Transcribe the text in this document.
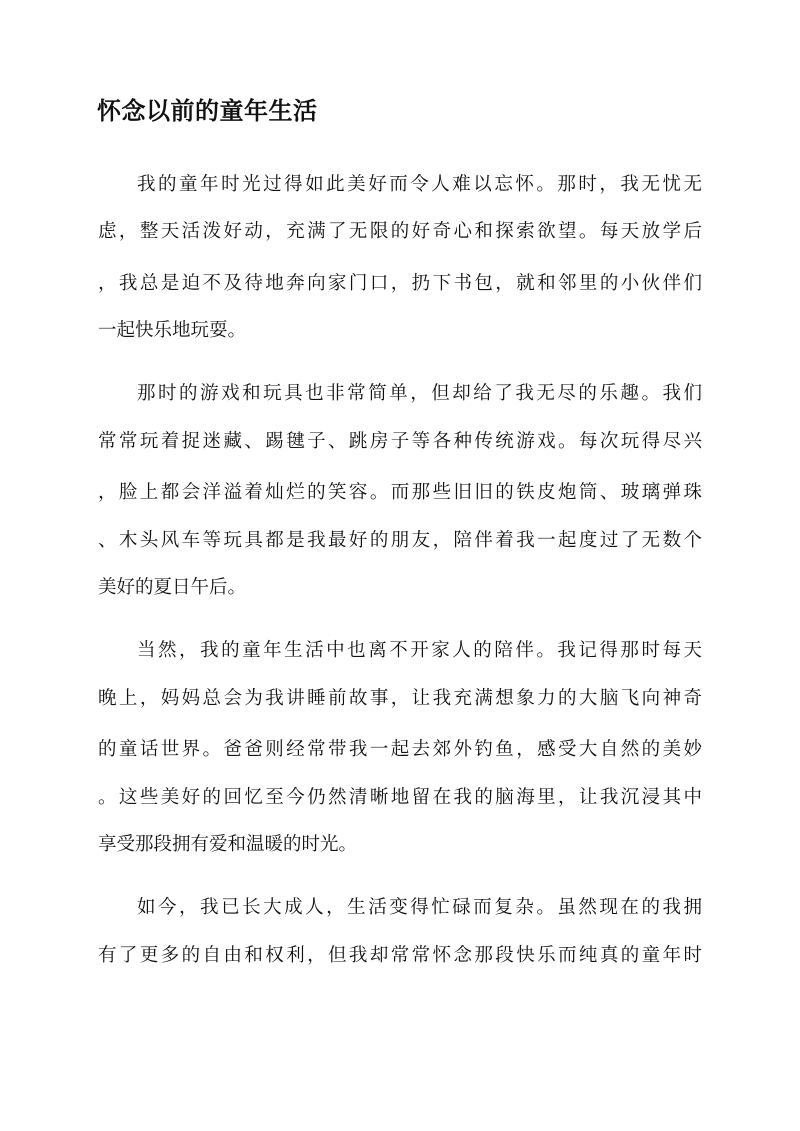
怀念以前的童年生活
我的童年时光过得如此美好而令人难以忘怀。那时，我无忧无
虑，整天活泼好动，充满了无限的好奇心和探索欲望。每天放学后
，我总是迫不及待地奔向家门口，扔下书包，就和邻里的小伙伴们
一起快乐地玩耍。
那时的游戏和玩具也非常简单，但却给了我无尽的乐趣。我们
常常玩着捉迷藏、踢毽子、跳房子等各种传统游戏。每次玩得尽兴
，脸上都会洋溢着灿烂的笑容。而那些旧旧的铁皮炮筒、玻璃弹珠
、木头风车等玩具都是我最好的朋友，陪伴着我一起度过了无数个
美好的夏日午后。
当然，我的童年生活中也离不开家人的陪伴。我记得那时每天
晚上，妈妈总会为我讲睡前故事，让我充满想象力的大脑飞向神奇
的童话世界。爸爸则经常带我一起去郊外钓鱼，感受大自然的美妙
。这些美好的回忆至今仍然清晰地留在我的脑海里，让我沉浸其中
享受那段拥有爱和温暖的时光。
如今，我已长大成人，生活变得忙碌而复杂。虽然现在的我拥
有了更多的自由和权利，但我却常常怀念那段快乐而纯真的童年时
